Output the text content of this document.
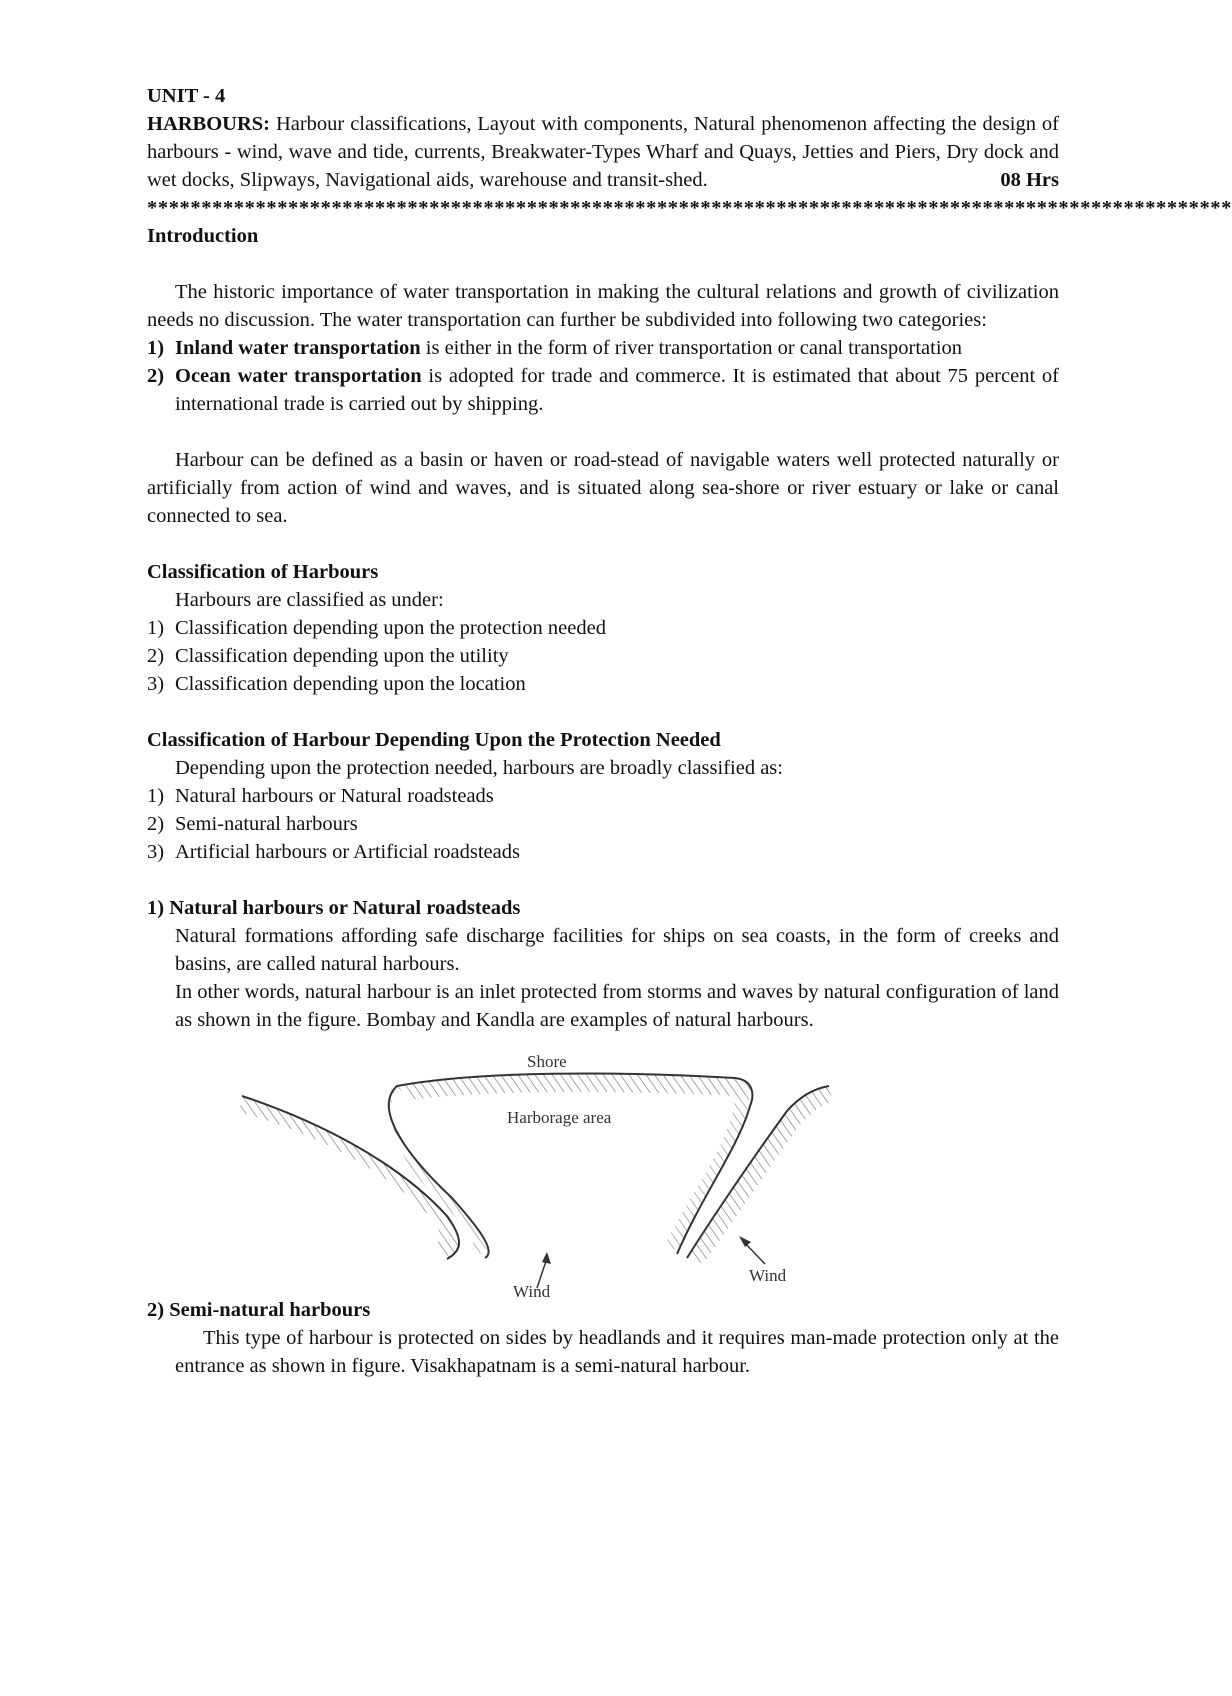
UNIT - 4

HARBOURS: Harbour classifications, Layout with components, Natural phenomenon affecting the design of harbours - wind, wave and tide, currents, Breakwater-Types Wharf and Quays, Jetties and Piers, Dry dock and wet docks, Slipways, Navigational aids, warehouse and transit-shed.	08 Hrs

****************************************************************************************************

Introduction

The historic importance of water transportation in making the cultural relations and growth of civilization needs no discussion. The water transportation can further be subdivided into following two categories:

1) Inland water transportation is either in the form of river transportation or canal transportation
2) Ocean water transportation is adopted for trade and commerce. It is estimated that about 75 percent of international trade is carried out by shipping.

Harbour can be defined as a basin or haven or road-stead of navigable waters well protected naturally or artificially from action of wind and waves, and is situated along sea-shore or river estuary or lake or canal connected to sea.

Classification of Harbours

Harbours are classified as under:

1) Classification depending upon the protection needed
2) Classification depending upon the utility
3) Classification depending upon the location

Classification of Harbour Depending Upon the Protection Needed

Depending upon the protection needed, harbours are broadly classified as:

1) Natural harbours or Natural roadsteads
2) Semi-natural harbours
3) Artificial harbours or Artificial roadsteads

1) Natural harbours or Natural roadsteads

Natural formations affording safe discharge facilities for ships on sea coasts, in the form of creeks and basins, are called natural harbours.

In other words, natural harbour is an inlet protected from storms and waves by natural configuration of land as shown in the figure. Bombay and Kandla are examples of natural harbours.

Shore
Harborage area
Wind
Wind

2) Semi-natural harbours

This type of harbour is protected on sides by headlands and it requires man-made protection only at the entrance as shown in figure. Visakhapatnam is a semi-natural harbour.
